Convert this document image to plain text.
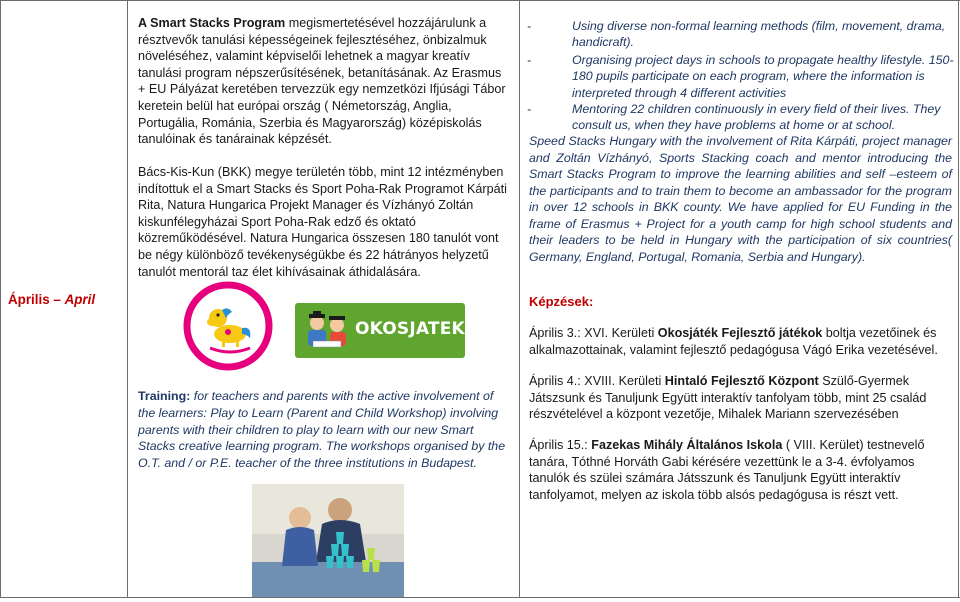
Április – April

A Smart Stacks Program megismertetésével hozzájárulunk a résztvevők tanulási képességeinek fejlesztéséhez, önbizalmuk növeléséhez, valamint képviselői lehetnek a magyar kreatív tanulási program népszerűsítésének, betanításának. Az Erasmus + EU Pályázat keretében tervezzük egy nemzetközi Ifjúsági Tábor keretein belül hat európai ország ( Németország, Anglia, Portugália, Románia, Szerbia és Magyarország) középiskolás tanulóinak és tanárainak képzését.

Bács-Kis-Kun (BKK) megye területén több, mint 12 intézményben indítottuk el a Smart Stacks és Sport Poha-Rak Programot Kárpáti Rita, Natura Hungarica Projekt Manager és Vízhányó Zoltán kiskunfélegyházai Sport Poha-Rak edző és oktató közreműködésével. Natura Hungarica összesen 180 tanulót vont be négy különböző tevékenységükbe és 22 hátrányos helyzetű tanulót mentorál taz élet kihívásainak áthidalására.

OKOSJATEK.HU

Training: for teachers and parents with the active involvement of the learners: Play to Learn (Parent and Child Workshop) involving parents with their children to play to learn with our new Smart Stacks creative learning program. The workshops organised by the O.T. and / or P.E. teacher of the three institutions in Budapest.

-	Using diverse non-formal learning methods (film, movement, drama, handicraft).
-	Organising project days in schools to propagate healthy lifestyle. 150-180 pupils participate on each program, where the information is interpreted through 4 different activities
-	Mentoring 22 children continuously in every field of their lives. They consult us, when they have problems at home or at school.

Speed Stacks Hungary with the involvement of Rita Kárpáti, project manager and Zoltán Vízhányó, Sports Stacking coach and mentor introducing the Smart Stacks Program to improve the learning abilities and self –esteem of the participants and to train them to become an ambassador for the program in over 12 schools in BKK county. We have applied for EU Funding in the frame of Erasmus + Project for a youth camp for high school students and their leaders to be held in Hungary with the participation of six countries( Germany, England, Portugal, Romania, Serbia and Hungary).

Képzések:

Április 3.: XVI. Kerületi Okosjáték Fejlesztő játékok boltja vezetőinek és alkalmazottainak, valamint fejlesztő pedagógusa Vágó Erika vezetésével.

Április 4.: XVIII. Kerületi Hintaló Fejlesztő Központ Szülő-Gyermek Játszsunk és Tanuljunk Együtt interaktív tanfolyam több, mint 25 család részvételével a központ vezetője, Mihalek Mariann szervezésében

Április 15.: Fazekas Mihály Általános Iskola ( VIII. Kerület) testnevelő tanára, Tóthné Horváth Gabi kérésére vezettünk le a 3-4. évfolyamos tanulók és szülei számára Játsszunk és Tanuljunk Együtt interaktív tanfolyamot, melyen az iskola több alsós pedagógusa is részt vett.
